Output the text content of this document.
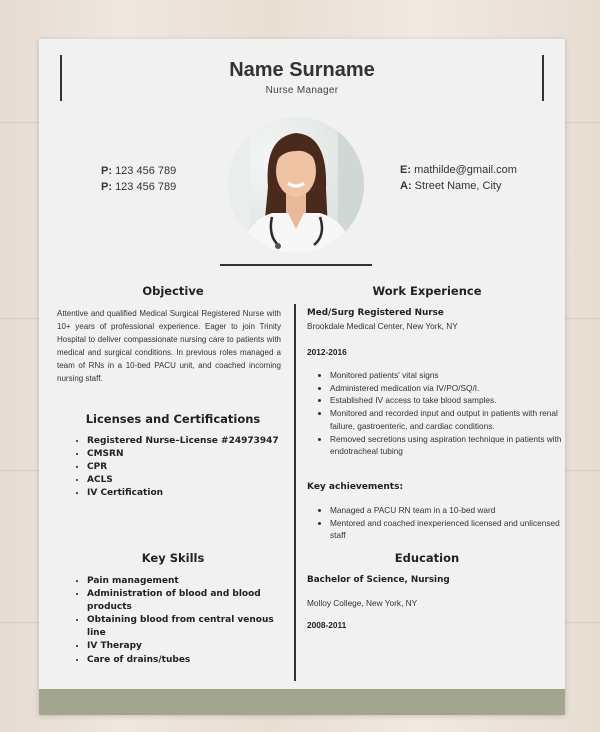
Name Surname
Nurse Manager
P: 123 456 789
P: 123 456 789
E: mathilde@gmail.com
A: Street Name, City
Objective
Attentive and qualified Medical Surgical Registered Nurse with 10+ years of professional experience. Eager to join Trinity Hospital to deliver compassionate nursing care to patients with medical and surgical conditions. In previous roles managed a team of RNs in a 10-bed PACU unit, and coached incoming nursing staff.
Licenses and Certifications
• Registered Nurse–License #24973947
• CMSRN
• CPR
• ACLS
• IV Certification
Key Skills
• Pain management
• Administration of blood and blood products
• Obtaining blood from central venous line
• IV Therapy
• Care of drains/tubes
Work Experience
Med/Surg Registered Nurse
Brookdale Medical Center, New York, NY
2012-2016
• Monitored patients' vital signs
• Administered medication via IV/PO/SQ/I.
• Established IV access to take blood samples.
• Monitored and recorded input and output in patients with renal failure, gastroenteric, and cardiac conditions.
• Removed secretions using aspiration technique in patients with endotracheal tubing
Key achievements:
• Managed a PACU RN team in a 10-bed ward
• Mentored and coached inexperienced licensed and unlicensed staff
Education
Bachelor of Science, Nursing
Molloy College, New York, NY
2008-2011
